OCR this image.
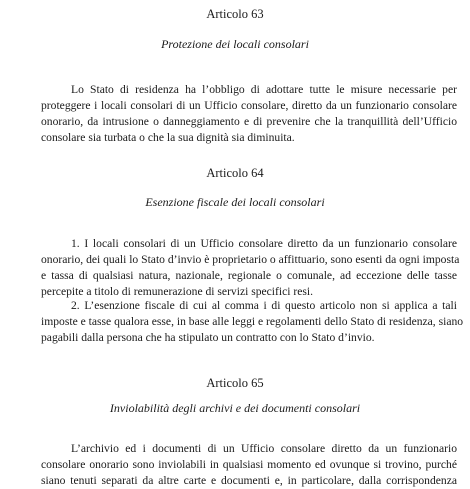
Articolo 63
Protezione dei locali consolari
Lo Stato di residenza ha l’obbligo di adottare tutte le misure necessarie per
proteggere i locali consolari di un Ufficio consolare, diretto da un funzionario consolare
onorario, da intrusione o danneggiamento e di prevenire che la tranquillità dell’Ufficio
consolare sia turbata o che la sua dignità sia diminuita.
Articolo 64
Esenzione fiscale dei locali consolari
1. I locali consolari di un Ufficio consolare diretto da un funzionario consolare
onorario, dei quali lo Stato d’invio è proprietario o affittuario, sono esenti da ogni imposta
e tassa di qualsiasi natura, nazionale, regionale o comunale, ad eccezione delle tasse
percepite a titolo di remunerazione di servizi specifici resi.
2. L’esenzione fiscale di cui al comma i di questo articolo non si applica a tali
imposte e tasse qualora esse, in base alle leggi e regolamenti dello Stato di residenza, siano
pagabili dalla persona che ha stipulato un contratto con lo Stato d’invio.
Articolo 65
Inviolabilità degli archivi e dei documenti consolari
L’archivio ed i documenti di un Ufficio consolare diretto da un funzionario
consolare onorario sono inviolabili in qualsiasi momento ed ovunque si trovino, purché
siano tenuti separati da altre carte e documenti e, in particolare, dalla corrispondenza
